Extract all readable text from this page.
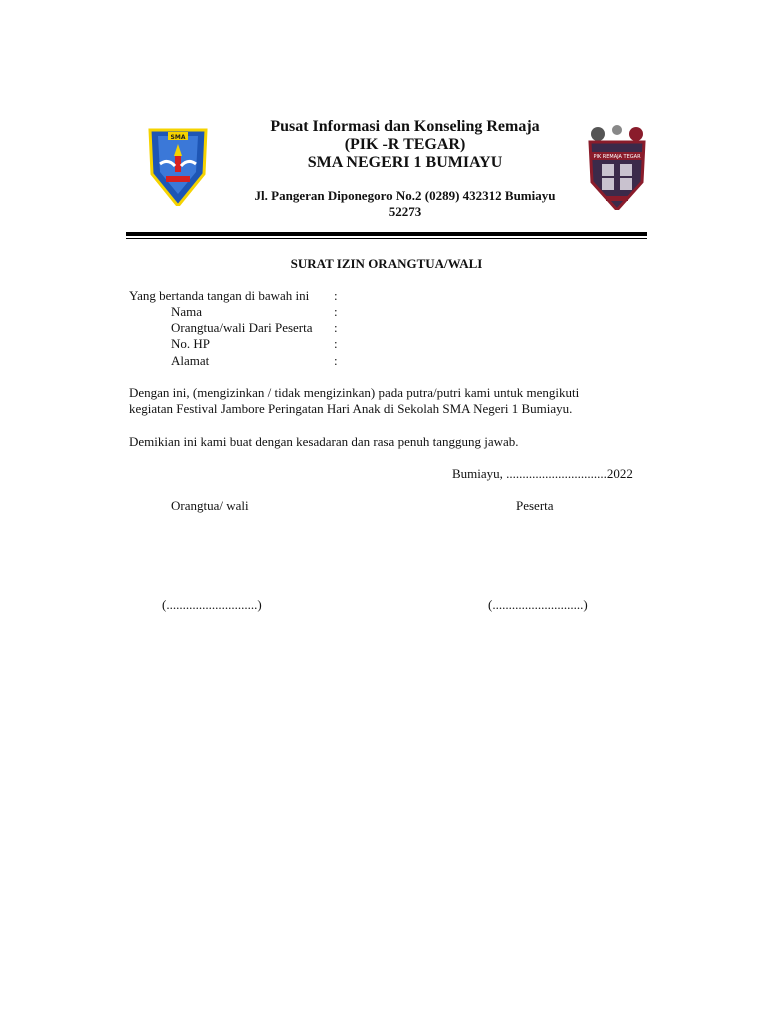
SMA
PIK REMAJA TEGAR
Pusat Informasi dan Konseling Remaja
(PIK -R TEGAR)
SMA NEGERI 1 BUMIAYU
Jl. Pangeran Diponegoro No.2 (0289) 432312 Bumiayu
52273
SURAT IZIN ORANGTUA/WALI
Yang bertanda tangan di bawah ini :
Nama	:
Orangtua/wali Dari Peserta :
No. HP	:
Alamat	:
Dengan ini, (mengizinkan / tidak mengizinkan) pada putra/putri kami untuk mengikuti
kegiatan Festival Jambore Peringatan Hari Anak di Sekolah SMA Negeri 1 Bumiayu.
Demikian ini kami buat dengan kesadaran dan rasa penuh tanggung jawab.
Bumiayu, ...............................2022
Orangtua/ wali	Peserta
(............................)	(............................)
